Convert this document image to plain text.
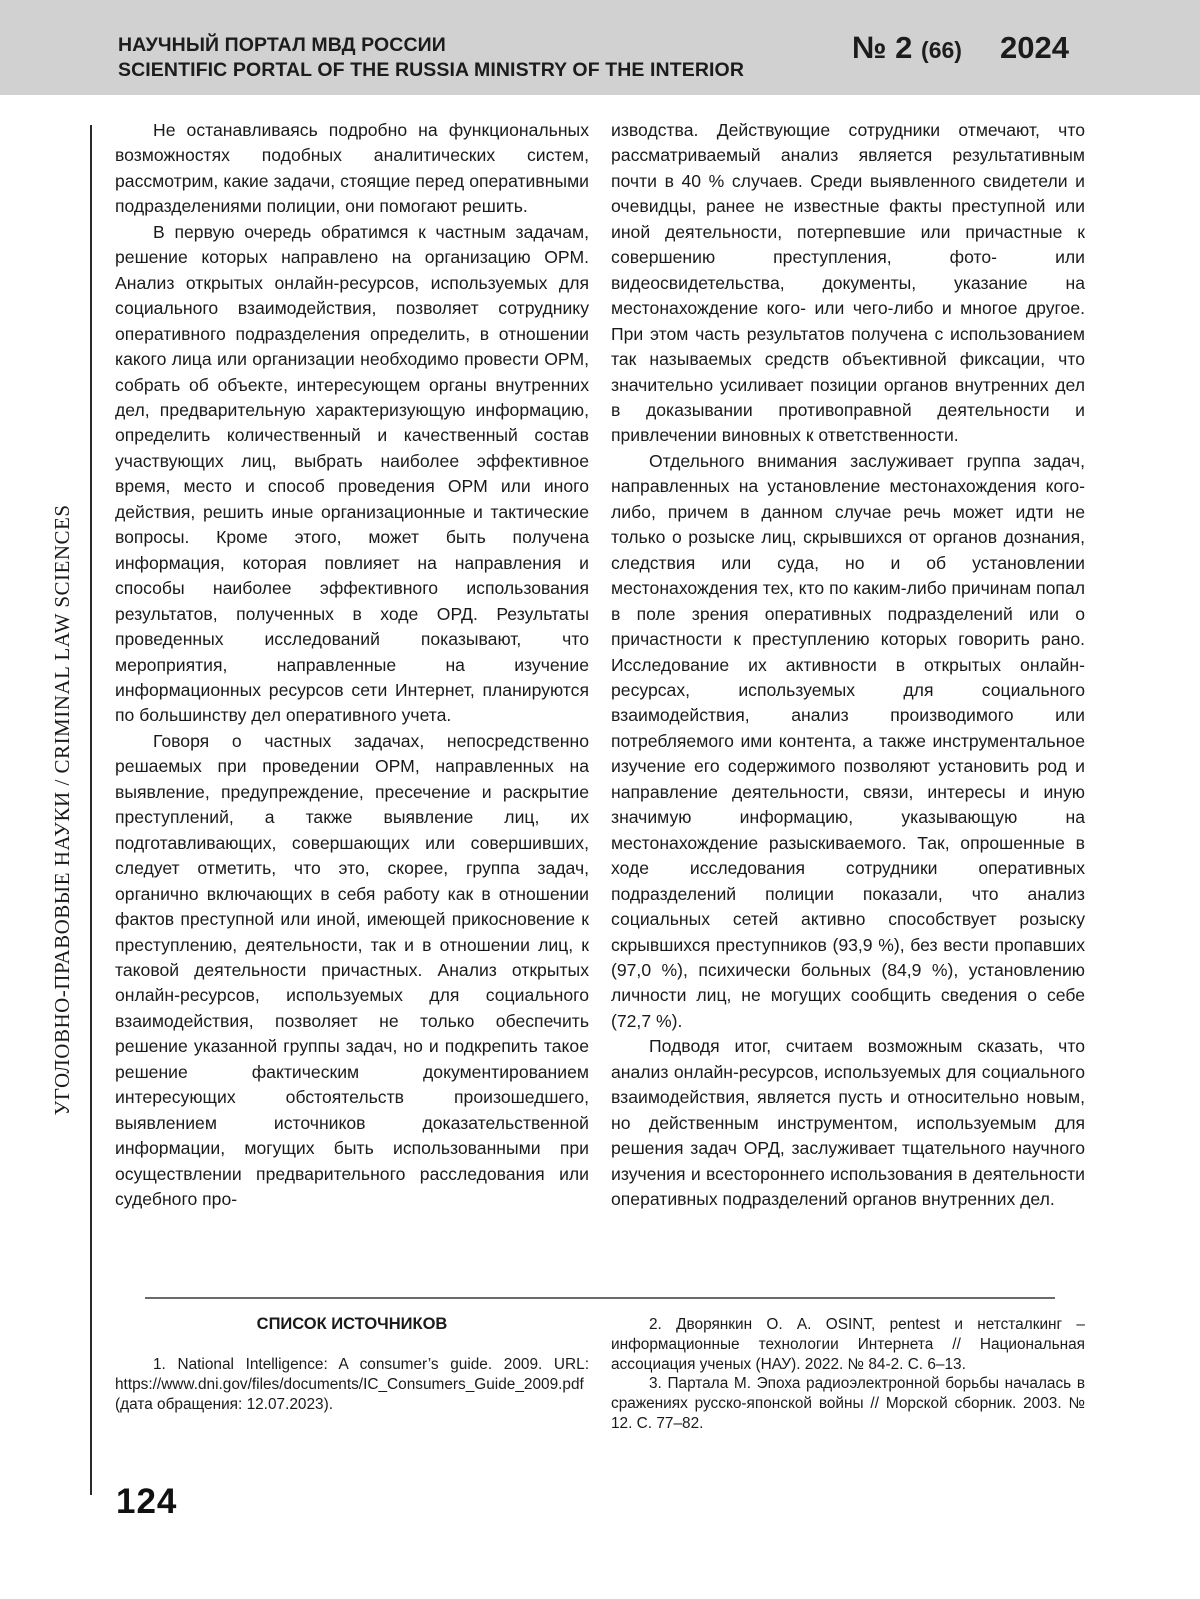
НАУЧНЫЙ ПОРТАЛ МВД РОССИИ
SCIENTIFIC PORTAL OF THE RUSSIA MINISTRY OF THE INTERIOR
№ 2 (66) 2024
УГОЛОВНО-ПРАВОВЫЕ НАУКИ / CRIMINAL LAW SCIENCES

Не останавливаясь подробно на функциональных возможностях подобных аналитических систем, рассмотрим, какие задачи, стоящие перед оперативными подразделениями полиции, они помогают решить.

В первую очередь обратимся к частным задачам, решение которых направлено на организацию ОРМ. Анализ открытых онлайн-ресурсов, используемых для социального взаимодействия, позволяет сотруднику оперативного подразделения определить, в отношении какого лица или организации необходимо провести ОРМ, собрать об объекте, интересующем органы внутренних дел, предварительную характеризующую информацию, определить количественный и качественный состав участвующих лиц, выбрать наиболее эффективное время, место и способ проведения ОРМ или иного действия, решить иные организационные и тактические вопросы. Кроме этого, может быть получена информация, которая повлияет на направления и способы наиболее эффективного использования результатов, полученных в ходе ОРД. Результаты проведенных исследований показывают, что мероприятия, направленные на изучение информационных ресурсов сети Интернет, планируются по большинству дел оперативного учета.

Говоря о частных задачах, непосредственно решаемых при проведении ОРМ, направленных на выявление, предупреждение, пресечение и раскрытие преступлений, а также выявление лиц, их подготавливающих, совершающих или совершивших, следует отметить, что это, скорее, группа задач, органично включающих в себя работу как в отношении фактов преступной или иной, имеющей прикосновение к преступлению, деятельности, так и в отношении лиц, к таковой деятельности причастных. Анализ открытых онлайн-ресурсов, используемых для социального взаимодействия, позволяет не только обеспечить решение указанной группы задач, но и подкрепить такое решение фактическим документированием интересующих обстоятельств произошедшего, выявлением источников доказательственной информации, могущих быть использованными при осуществлении предварительного расследования или судебного про-

изводства. Действующие сотрудники отмечают, что рассматриваемый анализ является результативным почти в 40 % случаев. Среди выявленного свидетели и очевидцы, ранее не известные факты преступной или иной деятельности, потерпевшие или причастные к совершению преступления, фото- или видеосвидетельства, документы, указание на местонахождение кого- или чего-либо и многое другое. При этом часть результатов получена с использованием так называемых средств объективной фиксации, что значительно усиливает позиции органов внутренних дел в доказывании противоправной деятельности и привлечении виновных к ответственности.

Отдельного внимания заслуживает группа задач, направленных на установление местонахождения кого-либо, причем в данном случае речь может идти не только о розыске лиц, скрывшихся от органов дознания, следствия или суда, но и об установлении местонахождения тех, кто по каким-либо причинам попал в поле зрения оперативных подразделений или о причастности к преступлению которых говорить рано. Исследование их активности в открытых онлайн-ресурсах, используемых для социального взаимодействия, анализ производимого или потребляемого ими контента, а также инструментальное изучение его содержимого позволяют установить род и направление деятельности, связи, интересы и иную значимую информацию, указывающую на местонахождение разыскиваемого. Так, опрошенные в ходе исследования сотрудники оперативных подразделений полиции показали, что анализ социальных сетей активно способствует розыску скрывшихся преступников (93,9 %), без вести пропавших (97,0 %), психически больных (84,9 %), установлению личности лиц, не могущих сообщить сведения о себе (72,7 %).

Подводя итог, считаем возможным сказать, что анализ онлайн-ресурсов, используемых для социального взаимодействия, является пусть и относительно новым, но действенным инструментом, используемым для решения задач ОРД, заслуживает тщательного научного изучения и всестороннего использования в деятельности оперативных подразделений органов внутренних дел.

СПИСОК ИСТОЧНИКОВ

1. National Intelligence: A consumer’s guide. 2009. URL: https://www.dni.gov/files/documents/IC_Consumers_Guide_2009.pdf (дата обращения: 12.07.2023).

2. Дворянкин О. А. OSINT, pentest и нетсталкинг – информационные технологии Интернета // Национальная ассоциация ученых (НАУ). 2022. № 84-2. С. 6–13.

3. Партала М. Эпоха радиоэлектронной борьбы началась в сражениях русско-японской войны // Морской сборник. 2003. № 12. С. 77–82.

124
